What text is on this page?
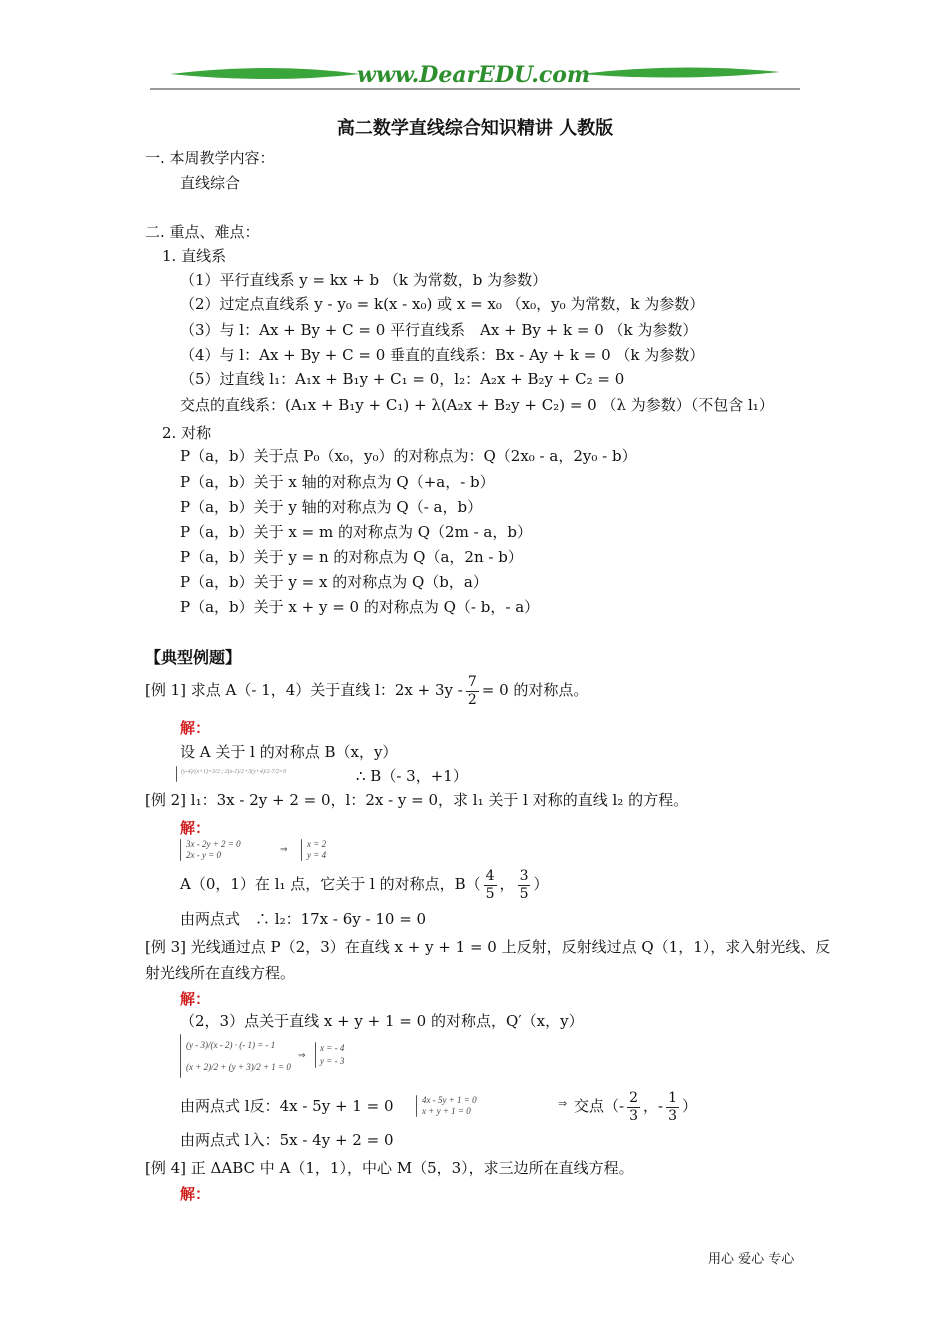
www.DearEDU.com
高二数学直线综合知识精讲 人教版
一. 本周教学内容：
直线综合
二. 重点、难点：
1. 直线系
（1）平行直线系 y = kx + b （k 为常数，b 为参数）
（2）过定点直线系 y - y₀ = k(x - x₀) 或 x = x₀ （x₀，y₀ 为常数，k 为参数）
（3）与 l：Ax + By + C = 0 平行直线系　Ax + By + k = 0 （k 为参数）
（4）与 l：Ax + By + C = 0 垂直的直线系：Bx - Ay + k = 0 （k 为参数）
（5）过直线 l₁：A₁x + B₁y + C₁ = 0，l₂：A₂x + B₂y + C₂ = 0
交点的直线系：(A₁x + B₁y + C₁) + λ(A₂x + B₂y + C₂) = 0 （λ 为参数）（不包含 l₁）
2. 对称
P（a，b）关于点 P₀（x₀，y₀）的对称点为：Q（2x₀ - a，2y₀ - b）
P（a，b）关于 x 轴的对称点为 Q（+a，- b）
P（a，b）关于 y 轴的对称点为 Q（- a，b）
P（a，b）关于 x = m 的对称点为 Q（2m - a，b）
P（a，b）关于 y = n 的对称点为 Q（a，2n - b）
P（a，b）关于 y = x 的对称点为 Q（b，a）
P（a，b）关于 x + y = 0 的对称点为 Q（- b，- a）
【典型例题】
[例 1] 求点 A（- 1，4）关于直线 l：$2x + 3y - \frac{7}{2} = 0$ 的对称点。
解：
设 A 关于 l 的对称点 B（x，y）
(y-4)/(x+1)=3/2 ; 2(x-1)/2+3(y+4)/2-7/2=0	∴ B（- 3，+1）
[例 2] l₁：3x - 2y + 2 = 0，l：2x - y = 0，求 l₁ 关于 l 对称的直线 l₂ 的方程。
解：
3x - 2y + 2 = 0
2x - y = 0
⇒ x = 2
y = 4
A（0，1）在 l₁ 点，它关于 l 的对称点，$B( \frac{4}{5}$ ， $\frac{3}{5}$ ）
由两点式　∴ l₂：17x - 6y - 10 = 0
[例 3] 光线通过点 P（2，3）在直线 x + y + 1 = 0 上反射，反射线过点 Q（1，1），求入射光线、反
射光线所在直线方程。
解：
（2，3）点关于直线 x + y + 1 = 0 的对称点，Q′（x，y）
(y - 3)/(x - 2) · (- 1) = - 1
(x + 2)/2 + (y + 3)/2 + 1 = 0
⇒
x = - 4
y = - 3
由两点式 l反：4x - 5y + 1 = 0	4x - 5y + 1 = 0
x + y + 1 = 0
⇒ 交点（- $\frac{2}{3}$ ，- $\frac{1}{3}$ ）
由两点式 l入：5x - 4y + 2 = 0
[例 4] 正 ΔABC 中 A（1，1），中心 M（5，3），求三边所在直线方程。
解：
用心 爱心 专心
